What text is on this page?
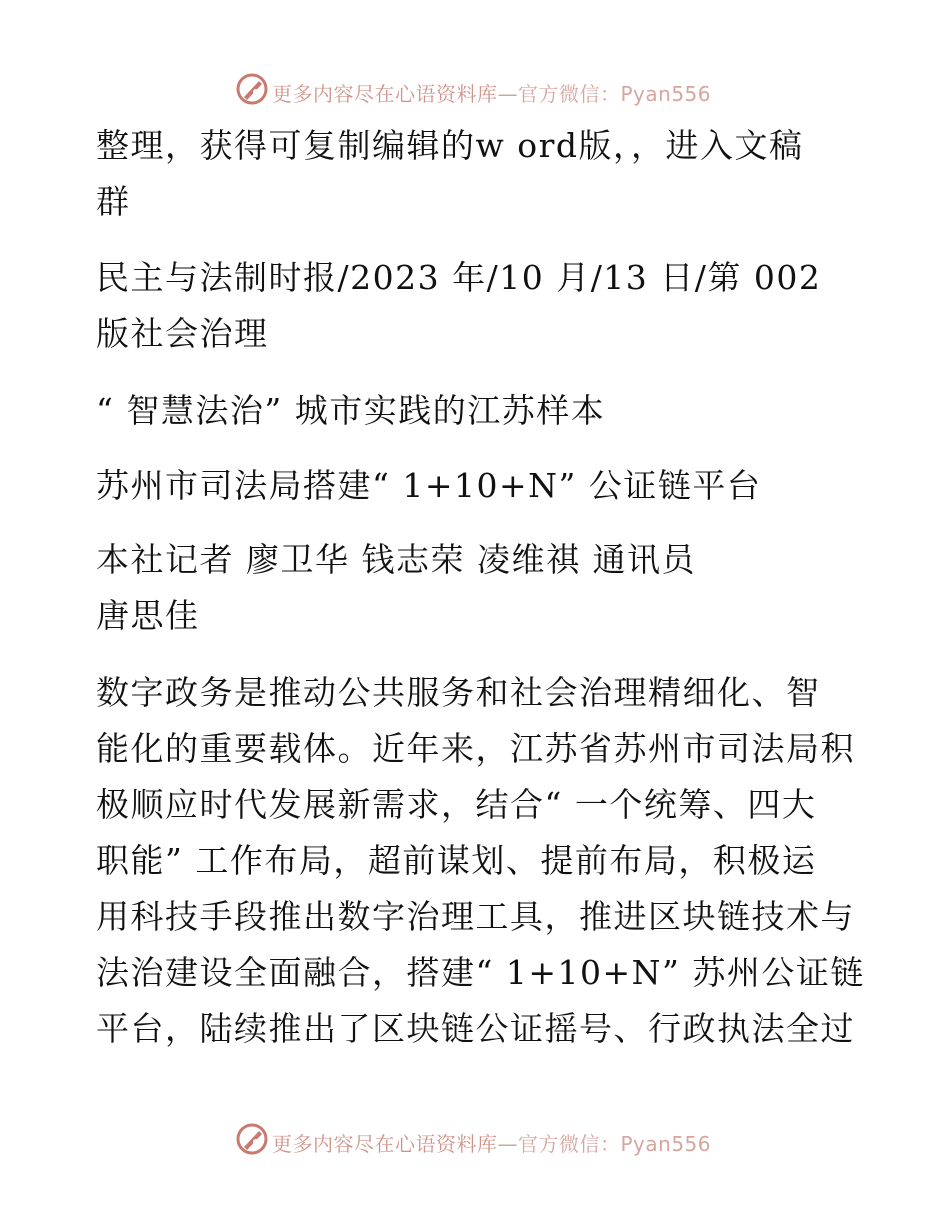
更多内容尽在心语资料库—官方微信：Pyan556
整理，获得可复制编辑的w ord版，，进入文稿
群
民主与法制时报/2023 年/10 月/13 日/第 002
版社会治理
“ 智慧法治” 城市实践的江苏样本
苏州市司法局搭建“ 1+10+N” 公证链平台
本社记者 廖卫华 钱志荣 凌维祺 通讯员
唐思佳
数字政务是推动公共服务和社会治理精细化、智
能化的重要载体。近年来，江苏省苏州市司法局积
极顺应时代发展新需求，结合“ 一个统筹、四大
职能” 工作布局，超前谋划、提前布局，积极运
用科技手段推出数字治理工具，推进区块链技术与
法治建设全面融合，搭建“ 1+10+N” 苏州公证链
平台，陆续推出了区块链公证摇号、行政执法全过
更多内容尽在心语资料库—官方微信：Pyan556
